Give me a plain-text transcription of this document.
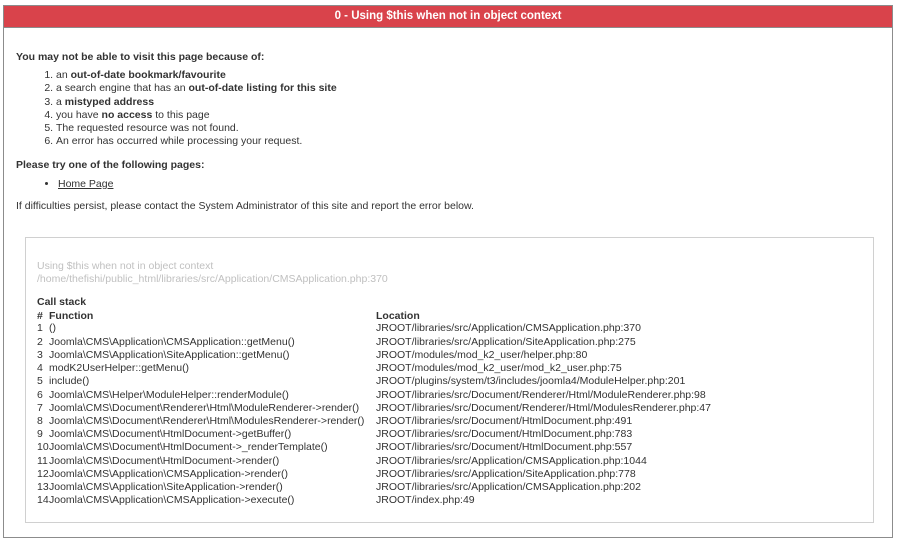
0 - Using $this when not in object context
You may not be able to visit this page because of:
1. an out-of-date bookmark/favourite
2. a search engine that has an out-of-date listing for this site
3. a mistyped address
4. you have no access to this page
5. The requested resource was not found.
6. An error has occurred while processing your request.
Please try one of the following pages:
• Home Page
If difficulties persist, please contact the System Administrator of this site and report the error below.
Using $this when not in object context
/home/thefishi/public_html/libraries/src/Application/CMSApplication.php:370
Call stack
#	Function	Location
1	()	JROOT/libraries/src/Application/CMSApplication.php:370
2	Joomla\CMS\Application\CMSApplication::getMenu()	JROOT/libraries/src/Application/SiteApplication.php:275
3	Joomla\CMS\Application\SiteApplication::getMenu()	JROOT/modules/mod_k2_user/helper.php:80
4	modK2UserHelper::getMenu()	JROOT/modules/mod_k2_user/mod_k2_user.php:75
5	include()	JROOT/plugins/system/t3/includes/joomla4/ModuleHelper.php:201
6	Joomla\CMS\Helper\ModuleHelper::renderModule()	JROOT/libraries/src/Document/Renderer/Html/ModuleRenderer.php:98
7	Joomla\CMS\Document\Renderer\Html\ModuleRenderer->render()	JROOT/libraries/src/Document/Renderer/Html/ModulesRenderer.php:47
8	Joomla\CMS\Document\Renderer\Html\ModulesRenderer->render()	JROOT/libraries/src/Document/HtmlDocument.php:491
9	Joomla\CMS\Document\HtmlDocument->getBuffer()	JROOT/libraries/src/Document/HtmlDocument.php:783
10	Joomla\CMS\Document\HtmlDocument->_renderTemplate()	JROOT/libraries/src/Document/HtmlDocument.php:557
11	Joomla\CMS\Document\HtmlDocument->render()	JROOT/libraries/src/Application/CMSApplication.php:1044
12	Joomla\CMS\Application\CMSApplication->render()	JROOT/libraries/src/Application/SiteApplication.php:778
13	Joomla\CMS\Application\SiteApplication->render()	JROOT/libraries/src/Application/CMSApplication.php:202
14	Joomla\CMS\Application\CMSApplication->execute()	JROOT/index.php:49
